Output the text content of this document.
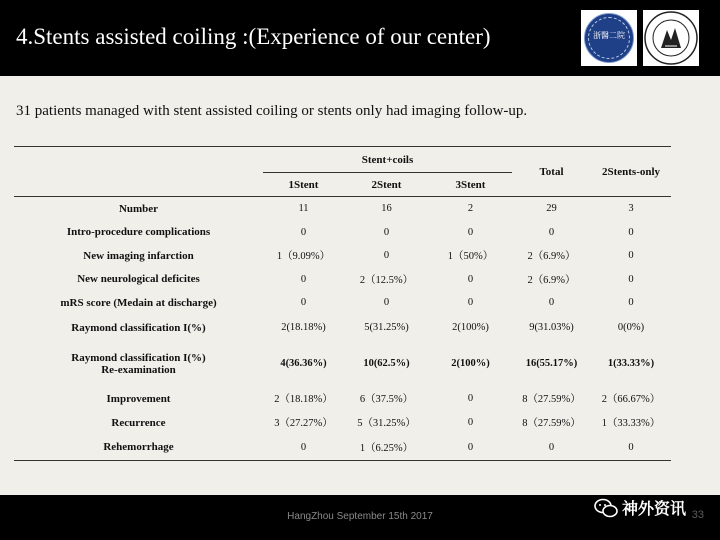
4.Stents assisted coiling :(Experience of our center)	浙醫二院
31 patients managed with stent assisted coiling or stents only had imaging follow-up.
	Stent+coils			Total	2Stents-only
	1Stent	2Stent	3Stent		
Number	11	16	2	29	3
Intro-procedure complications	0	0	0	0	0
New imaging infarction	1（9.09%）	0	1（50%）	2（6.9%）	0
New neurological deficites	0	2（12.5%）	0	2（6.9%）	0
mRS score (Medain at discharge)	0	0	0	0	0
Raymond classification I(%)	2(18.18%)	5(31.25%)	2(100%)	9(31.03%)	0(0%)
Raymond classification I(%)
Re-examination	4(36.36%)	10(62.5%)	2(100%)	16(55.17%)	1(33.33%)
Improvement	2（18.18%）	6（37.5%）	0	8（27.59%）	2（66.67%）
Recurrence	3（27.27%）	5（31.25%）	0	8（27.59%）	1（33.33%）
Rehemorrhage	0	1（6.25%）	0	0	0
HangZhou September 15th 2017	33
神外资讯
